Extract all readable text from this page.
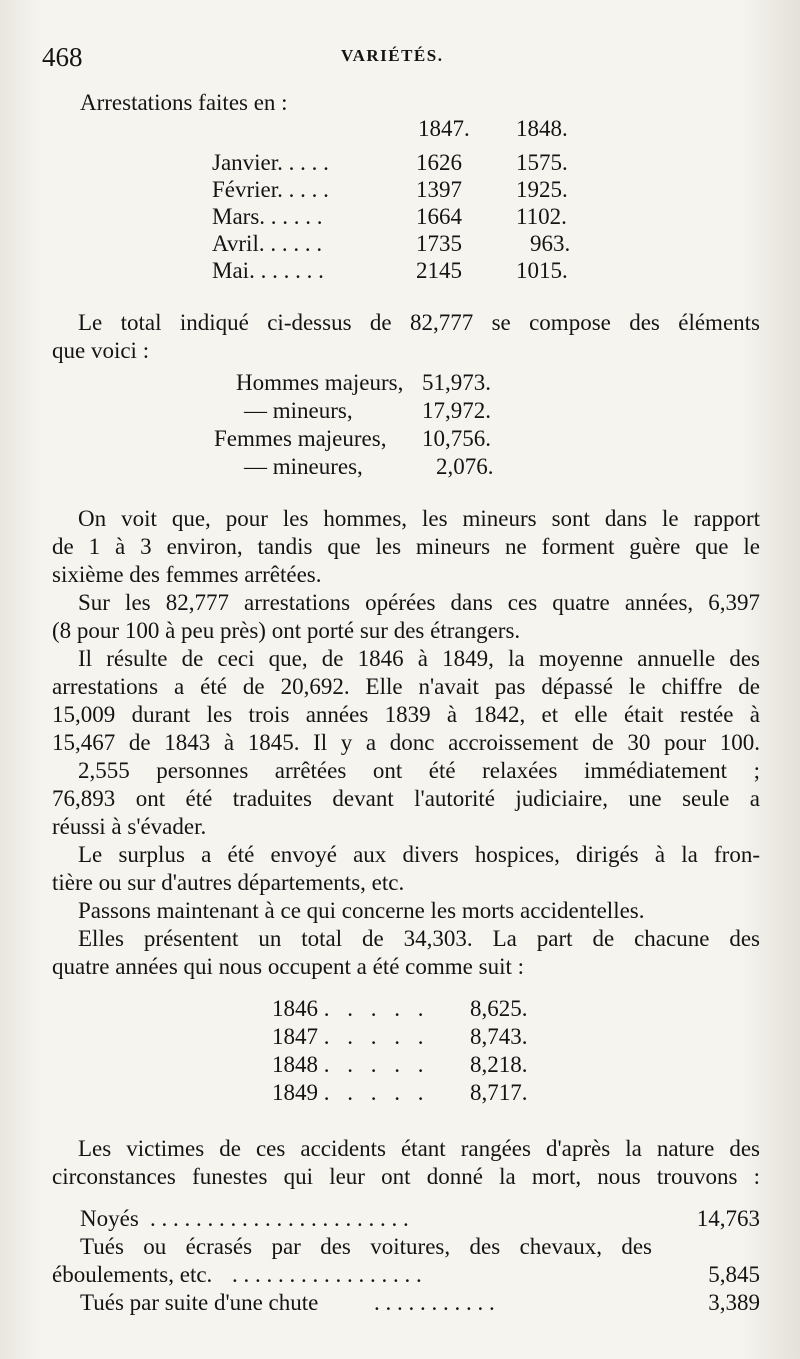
468	VARIÉTÉS.
Arrestations faites en :
1847. 1848.
Janvier. . . . .	1626 1575.
Février. . . . .	1397 1925.
Mars. . . . . .	1664 1102.
Avril. . . . . .	1735	963.
Mai. . . . . . .	2145 1015.
Le total indiqué ci-dessus de 82,777 se compose des éléments
que voici :
Hommes majeurs, 51,973.
— mineurs,	17,972.
Femmes majeures, 10,756.
— mineures,	2,076.
On voit que, pour les hommes, les mineurs sont dans le rapport
de 1 à 3 environ, tandis que les mineurs ne forment guère que le
sixième des femmes arrêtées.
Sur les 82,777 arrestations opérées dans ces quatre années, 6,397
(8 pour 100 à peu près) ont porté sur des étrangers.
Il résulte de ceci que, de 1846 à 1849, la moyenne annuelle des
arrestations a été de 20,692. Elle n'avait pas dépassé le chiffre de
15,009 durant les trois années 1839 à 1842, et elle était restée à
15,467 de 1843 à 1845. Il y a donc accroissement de 30 pour 100.
2,555 personnes arrêtées ont été relaxées immédiatement ;
76,893 ont été traduites devant l'autorité judiciaire, une seule a
réussi à s'évader.
Le surplus a été envoyé aux divers hospices, dirigés à la fron-
tière ou sur d'autres départements, etc.
Passons maintenant à ce qui concerne les morts accidentelles.
Elles présentent un total de 34,303. La part de chacune des
quatre années qui nous occupent a été comme suit :
1846 . . . . . 8,625.
1847 . . . . . 8,743.
1848 . . . . . 8,218.
1849 . . . . . 8,717.
Les victimes de ces accidents étant rangées d'après la nature des
circonstances funestes qui leur ont donné la mort, nous trouvons :
Noyés . . . . . . . . . . . . . . . . . . . . . . .	14,763
Tués ou écrasés par des voitures, des chevaux, des
éboulements, etc. . . . . . . . . . . . . . . . . .	5,845
Tués par suite d'une chute . . . . . . . . . . .	3,389
